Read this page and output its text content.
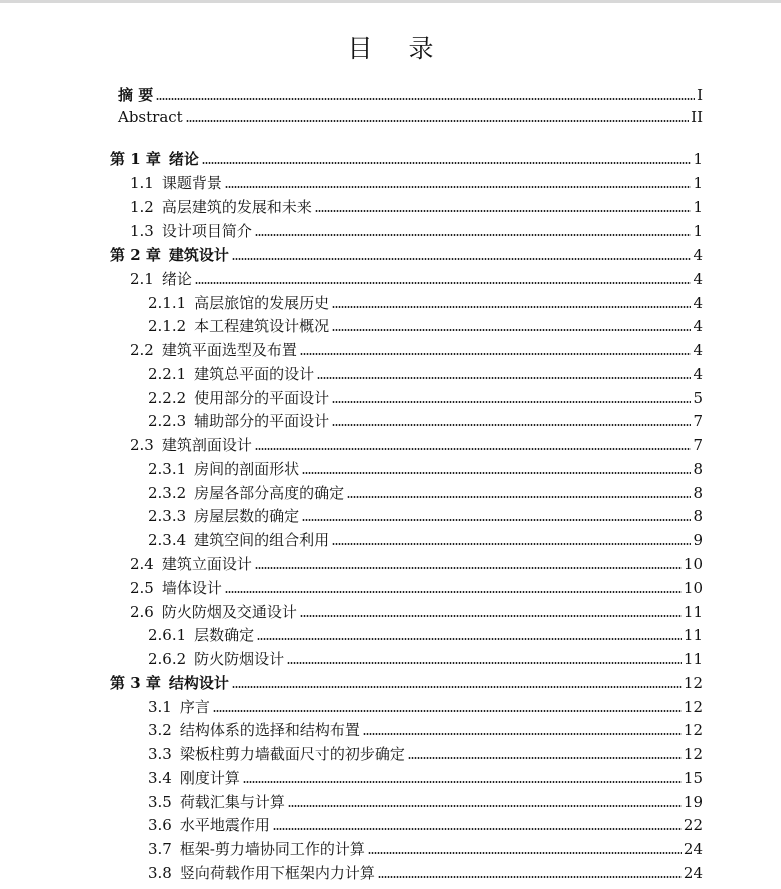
目 录
摘 要	I
Abstract	II
第 1 章 绪论	1
1.1 课题背景	1
1.2 高层建筑的发展和未来	1
1.3 设计项目简介	1
第 2 章 建筑设计	4
2.1 绪论	4
2.1.1 高层旅馆的发展历史	4
2.1.2 本工程建筑设计概况	4
2.2 建筑平面选型及布置	4
2.2.1 建筑总平面的设计	4
2.2.2 使用部分的平面设计	5
2.2.3 辅助部分的平面设计	7
2.3 建筑剖面设计	7
2.3.1 房间的剖面形状	8
2.3.2 房屋各部分高度的确定	8
2.3.3 房屋层数的确定	8
2.3.4 建筑空间的组合利用	9
2.4 建筑立面设计	10
2.5 墙体设计	10
2.6 防火防烟及交通设计	11
2.6.1 层数确定	11
2.6.2 防火防烟设计	11
第 3 章 结构设计	12
3.1 序言	12
3.2 结构体系的选择和结构布置	12
3.3 梁板柱剪力墙截面尺寸的初步确定	12
3.4 刚度计算	15
3.5 荷载汇集与计算	19
3.6 水平地震作用	22
3.7 框架-剪力墙协同工作的计算	24
3.8 竖向荷载作用下框架内力计算	24
